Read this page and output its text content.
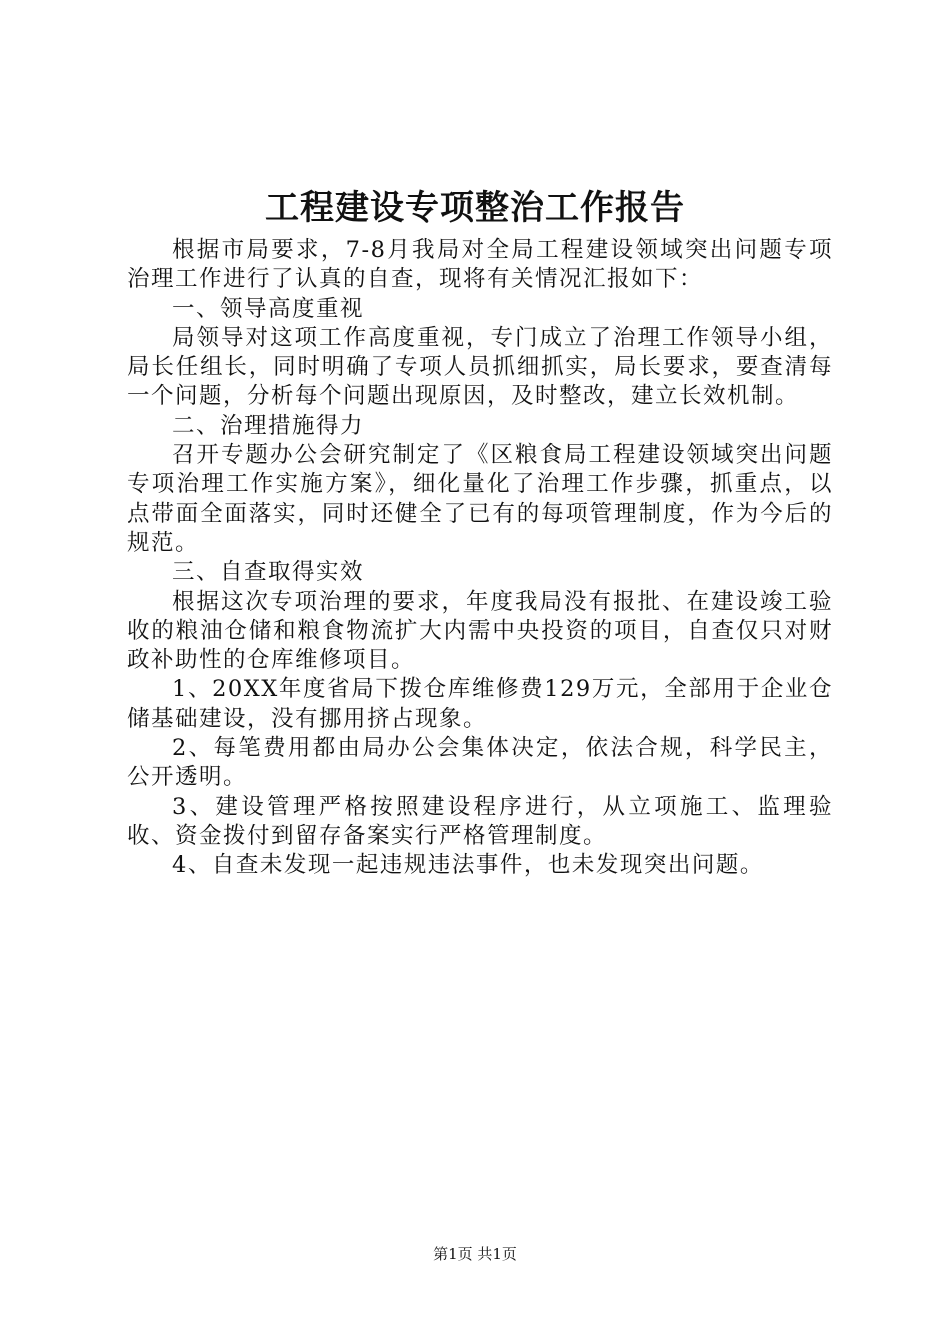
工程建设专项整治工作报告

根据市局要求，7-8月我局对全局工程建设领域突出问题专项治理工作进行了认真的自查，现将有关情况汇报如下：

一、领导高度重视

局领导对这项工作高度重视，专门成立了治理工作领导小组，局长任组长，同时明确了专项人员抓细抓实，局长要求，要查清每一个问题，分析每个问题出现原因，及时整改，建立长效机制。

二、治理措施得力

召开专题办公会研究制定了《区粮食局工程建设领域突出问题专项治理工作实施方案》，细化量化了治理工作步骤，抓重点，以点带面全面落实，同时还健全了已有的每项管理制度，作为今后的规范。

三、自查取得实效

根据这次专项治理的要求，年度我局没有报批、在建设竣工验收的粮油仓储和粮食物流扩大内需中央投资的项目，自查仅只对财政补助性的仓库维修项目。

1、20XX年度省局下拨仓库维修费129万元，全部用于企业仓储基础建设，没有挪用挤占现象。

2、每笔费用都由局办公会集体决定，依法合规，科学民主，公开透明。

3、建设管理严格按照建设程序进行，从立项施工、监理验收、资金拨付到留存备案实行严格管理制度。

4、自查未发现一起违规违法事件，也未发现突出问题。

第1页 共1页
